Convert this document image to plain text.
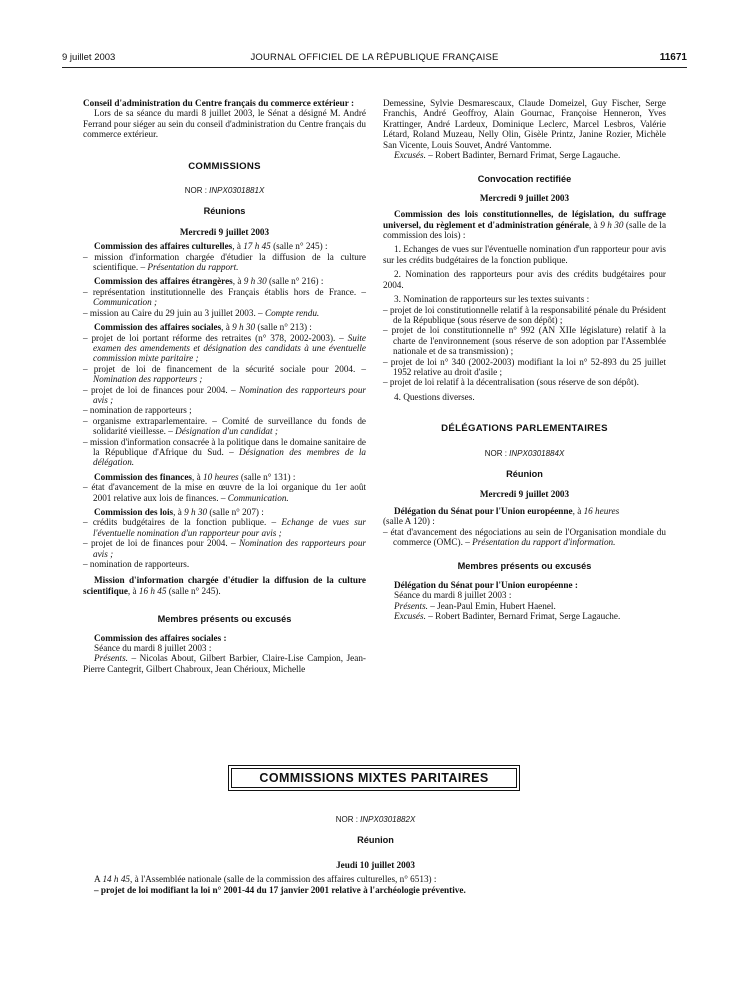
9 juillet 2003	JOURNAL OFFICIEL DE LA RÉPUBLIQUE FRANÇAISE	11671

Conseil d'administration du Centre français du commerce extérieur :

Lors de sa séance du mardi 8 juillet 2003, le Sénat a désigné M. André Ferrand pour siéger au sein du conseil d'administration du Centre français du commerce extérieur.

COMMISSIONS

NOR : INPX0301881X

Réunions

Mercredi 9 juillet 2003

Commission des affaires culturelles, à 17 h 45 (salle n° 245) :

– mission d'information chargée d'étudier la diffusion de la culture scientifique. – Présentation du rapport.

Commission des affaires étrangères, à 9 h 30 (salle n° 216) :

– représentation institutionnelle des Français établis hors de France. – Communication ;

– mission au Caire du 29 juin au 3 juillet 2003. – Compte rendu.

Commission des affaires sociales, à 9 h 30 (salle n° 213) :

– projet de loi portant réforme des retraites (n° 378, 2002-2003). – Suite examen des amendements et désignation des candidats à une éventuelle commission mixte paritaire ;

– projet de loi de financement de la sécurité sociale pour 2004. – Nomination des rapporteurs ;

– projet de loi de finances pour 2004. – Nomination des rapporteurs pour avis ;

– nomination de rapporteurs ;

– organisme extraparlementaire. – Comité de surveillance du fonds de solidarité vieillesse. – Désignation d'un candidat ;

– mission d'information consacrée à la politique dans le domaine sanitaire de la République d'Afrique du Sud. – Désignation des membres de la délégation.

Commission des finances, à 10 heures (salle n° 131) :

– état d'avancement de la mise en œuvre de la loi organique du 1er août 2001 relative aux lois de finances. – Communication.

Commission des lois, à 9 h 30 (salle n° 207) :

– crédits budgétaires de la fonction publique. – Echange de vues sur l'éventuelle nomination d'un rapporteur pour avis ;

– projet de loi de finances pour 2004. – Nomination des rapporteurs pour avis ;

– nomination de rapporteurs.

Mission d'information chargée d'étudier la diffusion de la culture scientifique, à 16 h 45 (salle n° 245).

Membres présents ou excusés

Commission des affaires sociales :

Séance du mardi 8 juillet 2003 :

Présents. – Nicolas About, Gilbert Barbier, Claire-Lise Campion, Jean-Pierre Cantegrit, Gilbert Chabroux, Jean Chérioux, Michelle

Demessine, Sylvie Desmarescaux, Claude Domeizel, Guy Fischer, Serge Franchis, André Geoffroy, Alain Gournac, Françoise Henneron, Yves Krattinger, André Lardeux, Dominique Leclerc, Marcel Lesbros, Valérie Létard, Roland Muzeau, Nelly Olin, Gisèle Printz, Janine Rozier, Michèle San Vicente, Louis Souvet, André Vantomme.

Excusés. – Robert Badinter, Bernard Frimat, Serge Lagauche.

Convocation rectifiée

Mercredi 9 juillet 2003

Commission des lois constitutionnelles, de législation, du suffrage universel, du règlement et d'administration générale, à 9 h 30 (salle de la commission des lois) :

1. Echanges de vues sur l'éventuelle nomination d'un rapporteur pour avis sur les crédits budgétaires de la fonction publique.

2. Nomination des rapporteurs pour avis des crédits budgétaires pour 2004.

3. Nomination de rapporteurs sur les textes suivants :

– projet de loi constitutionnelle relatif à la responsabilité pénale du Président de la République (sous réserve de son dépôt) ;

– projet de loi constitutionnelle n° 992 (AN XIIe législature) relatif à la charte de l'environnement (sous réserve de son adoption par l'Assemblée nationale et de sa transmission) ;

– projet de loi n° 340 (2002-2003) modifiant la loi n° 52-893 du 25 juillet 1952 relative au droit d'asile ;

– projet de loi relatif à la décentralisation (sous réserve de son dépôt).

4. Questions diverses.

DÉLÉGATIONS PARLEMENTAIRES

NOR : INPX0301884X

Réunion

Mercredi 9 juillet 2003

Délégation du Sénat pour l'Union européenne, à 16 heures

(salle A 120) :

– état d'avancement des négociations au sein de l'Organisation mondiale du commerce (OMC). – Présentation du rapport d'information.

Membres présents ou excusés

Délégation du Sénat pour l'Union européenne :

Séance du mardi 8 juillet 2003 :

Présents. – Jean-Paul Emin, Hubert Haenel.

Excusés. – Robert Badinter, Bernard Frimat, Serge Lagauche.

COMMISSIONS MIXTES PARITAIRES

NOR : INPX0301882X

Réunion

Jeudi 10 juillet 2003

A 14 h 45, à l'Assemblée nationale (salle de la commission des affaires culturelles, n° 6513) :

– projet de loi modifiant la loi n° 2001-44 du 17 janvier 2001 relative à l'archéologie préventive.
